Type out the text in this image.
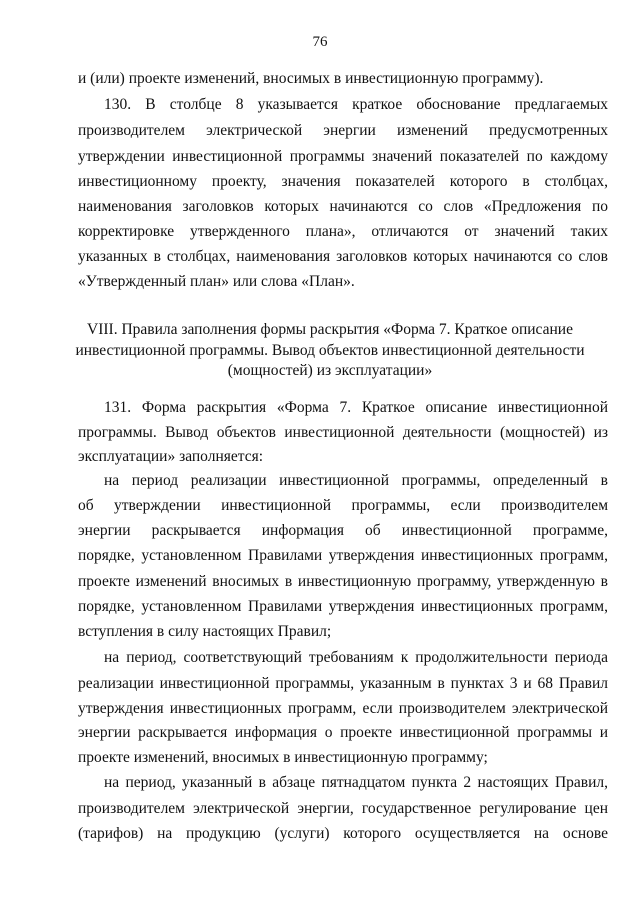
76
и (или) проекте изменений, вносимых в инвестиционную программу).
130. В столбце 8 указывается краткое обоснование предлагаемых
производителем электрической энергии изменений предусмотренных
утверждении инвестиционной программы значений показателей по каждому
инвестиционному проекту, значения показателей которого в столбцах,
наименования заголовков которых начинаются со слов «Предложения по
корректировке утвержденного плана», отличаются от значений таких
указанных в столбцах, наименования заголовков которых начинаются со слов
«Утвержденный план» или слова «План».
VIII. Правила заполнения формы раскрытия «Форма 7. Краткое описание
инвестиционной программы. Вывод объектов инвестиционной деятельности
(мощностей) из эксплуатации»
131. Форма раскрытия «Форма 7. Краткое описание инвестиционной
программы. Вывод объектов инвестиционной деятельности (мощностей) из
эксплуатации» заполняется:
на период реализации инвестиционной программы, определенный в
об утверждении инвестиционной программы, если производителем
энергии раскрывается информация об инвестиционной программе,
порядке, установленном Правилами утверждения инвестиционных программ,
проекте изменений вносимых в инвестиционную программу, утвержденную в
порядке, установленном Правилами утверждения инвестиционных программ,
вступления в силу настоящих Правил;
на период, соответствующий требованиям к продолжительности периода
реализации инвестиционной программы, указанным в пунктах 3 и 68 Правил
утверждения инвестиционных программ, если производителем электрической
энергии раскрывается информация о проекте инвестиционной программы и
проекте изменений, вносимых в инвестиционную программу;
на период, указанный в абзаце пятнадцатом пункта 2 настоящих Правил,
производителем электрической энергии, государственное регулирование цен
(тарифов) на продукцию (услуги) которого осуществляется на основе
